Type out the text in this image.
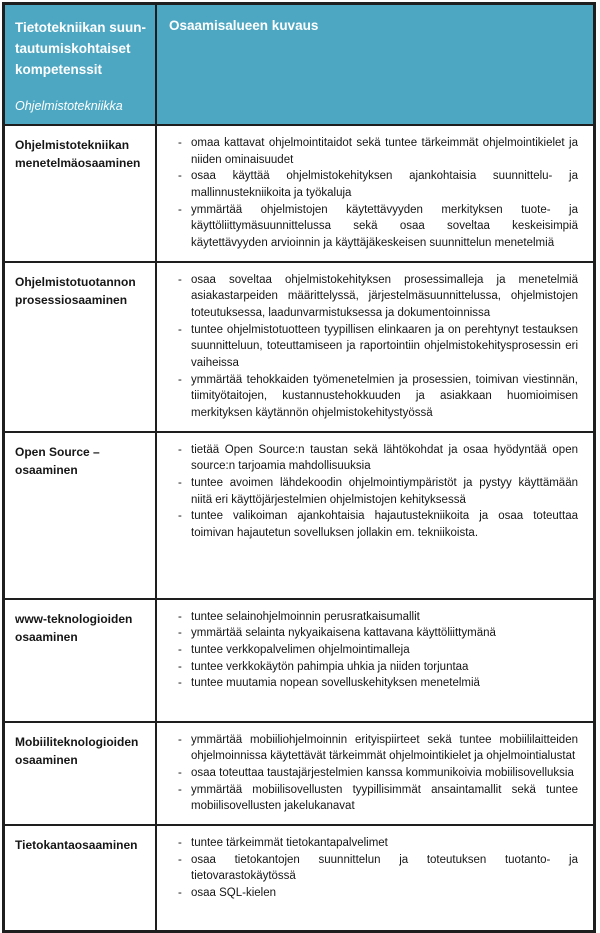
Tietotekniikan suun-tautumiskohtaiset kompetenssit
Ohjelmistotekniikka
Osaamisalueen kuvaus
Ohjelmistotekniikan menetelmäosaaminen
- omaa kattavat ohjelmointitaidot sekä tuntee tärkeimmät ohjelmointikielet ja niiden ominaisuudet
- osaa käyttää ohjelmistokehityksen ajankohtaisia suunnittelu- ja mallinnustekniikoita ja työkaluja
- ymmärtää ohjelmistojen käytettävyyden merkityksen tuote- ja käyttöliittymäsuunnittelussa sekä osaa soveltaa keskeisimpiä käytettävyyden arvioinnin ja käyttäjäkeskeisen suunnittelun menetelmiä
Ohjelmistotuotannon prosessiosaaminen
- osaa soveltaa ohjelmistokehityksen prosessimalleja ja menetelmiä asiakastarpeiden määrittelyssä, järjestelmäsuunnittelussa, ohjelmistojen toteutuksessa, laadunvarmistuksessa ja dokumentoinnissa
- tuntee ohjelmistotuotteen tyypillisen elinkaaren ja on perehtynyt testauksen suunnitteluun, toteuttamiseen ja raportointiin ohjelmistokehitysprosessin eri vaiheissa
- ymmärtää tehokkaiden työmenetelmien ja prosessien, toimivan viestinnän, tiimityötaitojen, kustannustehokkuuden ja asiakkaan huomioimisen merkityksen käytännön ohjelmistokehitystyössä
Open Source – osaaminen
- tietää Open Source:n taustan sekä lähtökohdat ja osaa hyödyntää open source:n tarjoamia mahdollisuuksia
- tuntee avoimen lähdekoodin ohjelmointiympäristöt ja pystyy käyttämään niitä eri käyttöjärjestelmien ohjelmistojen kehityksessä
- tuntee valikoiman ajankohtaisia hajautustekniikoita ja osaa toteuttaa toimivan hajautetun sovelluksen jollakin em. tekniikoista.
www-teknologioiden osaaminen
- tuntee selainohjelmoinnin perusratkaisumallit
- ymmärtää selainta nykyaikaisena kattavana käyttöliittymänä
- tuntee verkkopalvelimen ohjelmointimalleja
- tuntee verkkokäytön pahimpia uhkia ja niiden torjuntaa
- tuntee muutamia nopean sovelluskehityksen menetelmiä
Mobiiliteknologioiden osaaminen
- ymmärtää mobiiliohjelmoinnin erityispiirteet sekä tuntee mobiililaitteiden ohjelmoinnissa käytettävät tärkeimmät ohjelmointikielet ja ohjelmointialustat
- osaa toteuttaa taustajärjestelmien kanssa kommunikoivia mobiilisovelluksia
- ymmärtää mobiilisovellusten tyypillisimmät ansaintamallit sekä tuntee mobiilisovellusten jakelukanavat
Tietokantaosaaminen	- tuntee tärkeimmät tietokantapalvelimet
- osaa tietokantojen suunnittelun ja toteutuksen tuotanto- ja tietovarastokäytössä
- osaa SQL-kielen
